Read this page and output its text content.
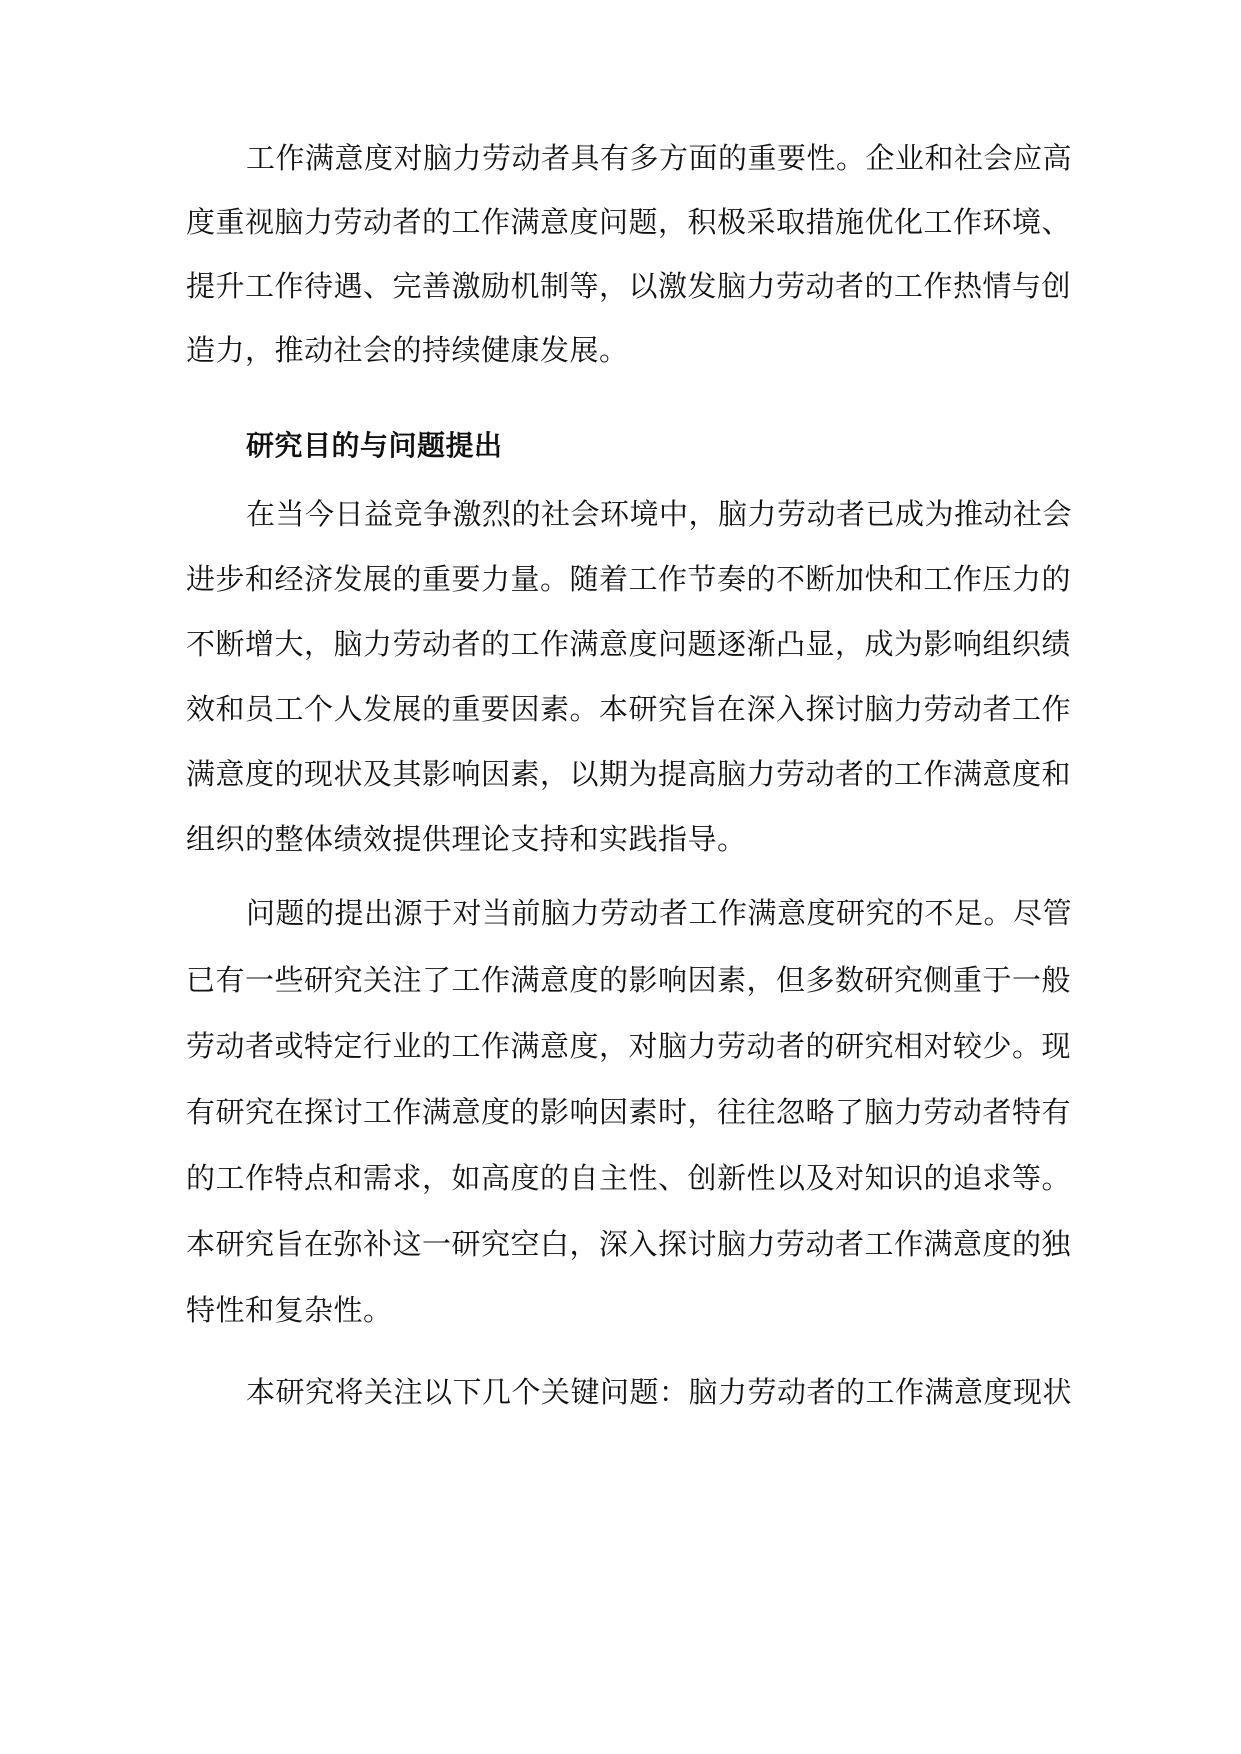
工作满意度对脑力劳动者具有多方面的重要性。企业和社会应高
度重视脑力劳动者的工作满意度问题，积极采取措施优化工作环境、
提升工作待遇、完善激励机制等，以激发脑力劳动者的工作热情与创
造力，推动社会的持续健康发展。
研究目的与问题提出
在当今日益竞争激烈的社会环境中，脑力劳动者已成为推动社会
进步和经济发展的重要力量。随着工作节奏的不断加快和工作压力的
不断增大，脑力劳动者的工作满意度问题逐渐凸显，成为影响组织绩
效和员工个人发展的重要因素。本研究旨在深入探讨脑力劳动者工作
满意度的现状及其影响因素，以期为提高脑力劳动者的工作满意度和
组织的整体绩效提供理论支持和实践指导。
问题的提出源于对当前脑力劳动者工作满意度研究的不足。尽管
已有一些研究关注了工作满意度的影响因素，但多数研究侧重于一般
劳动者或特定行业的工作满意度，对脑力劳动者的研究相对较少。现
有研究在探讨工作满意度的影响因素时，往往忽略了脑力劳动者特有
的工作特点和需求，如高度的自主性、创新性以及对知识的追求等。
本研究旨在弥补这一研究空白，深入探讨脑力劳动者工作满意度的独
特性和复杂性。
本研究将关注以下几个关键问题：脑力劳动者的工作满意度现状
